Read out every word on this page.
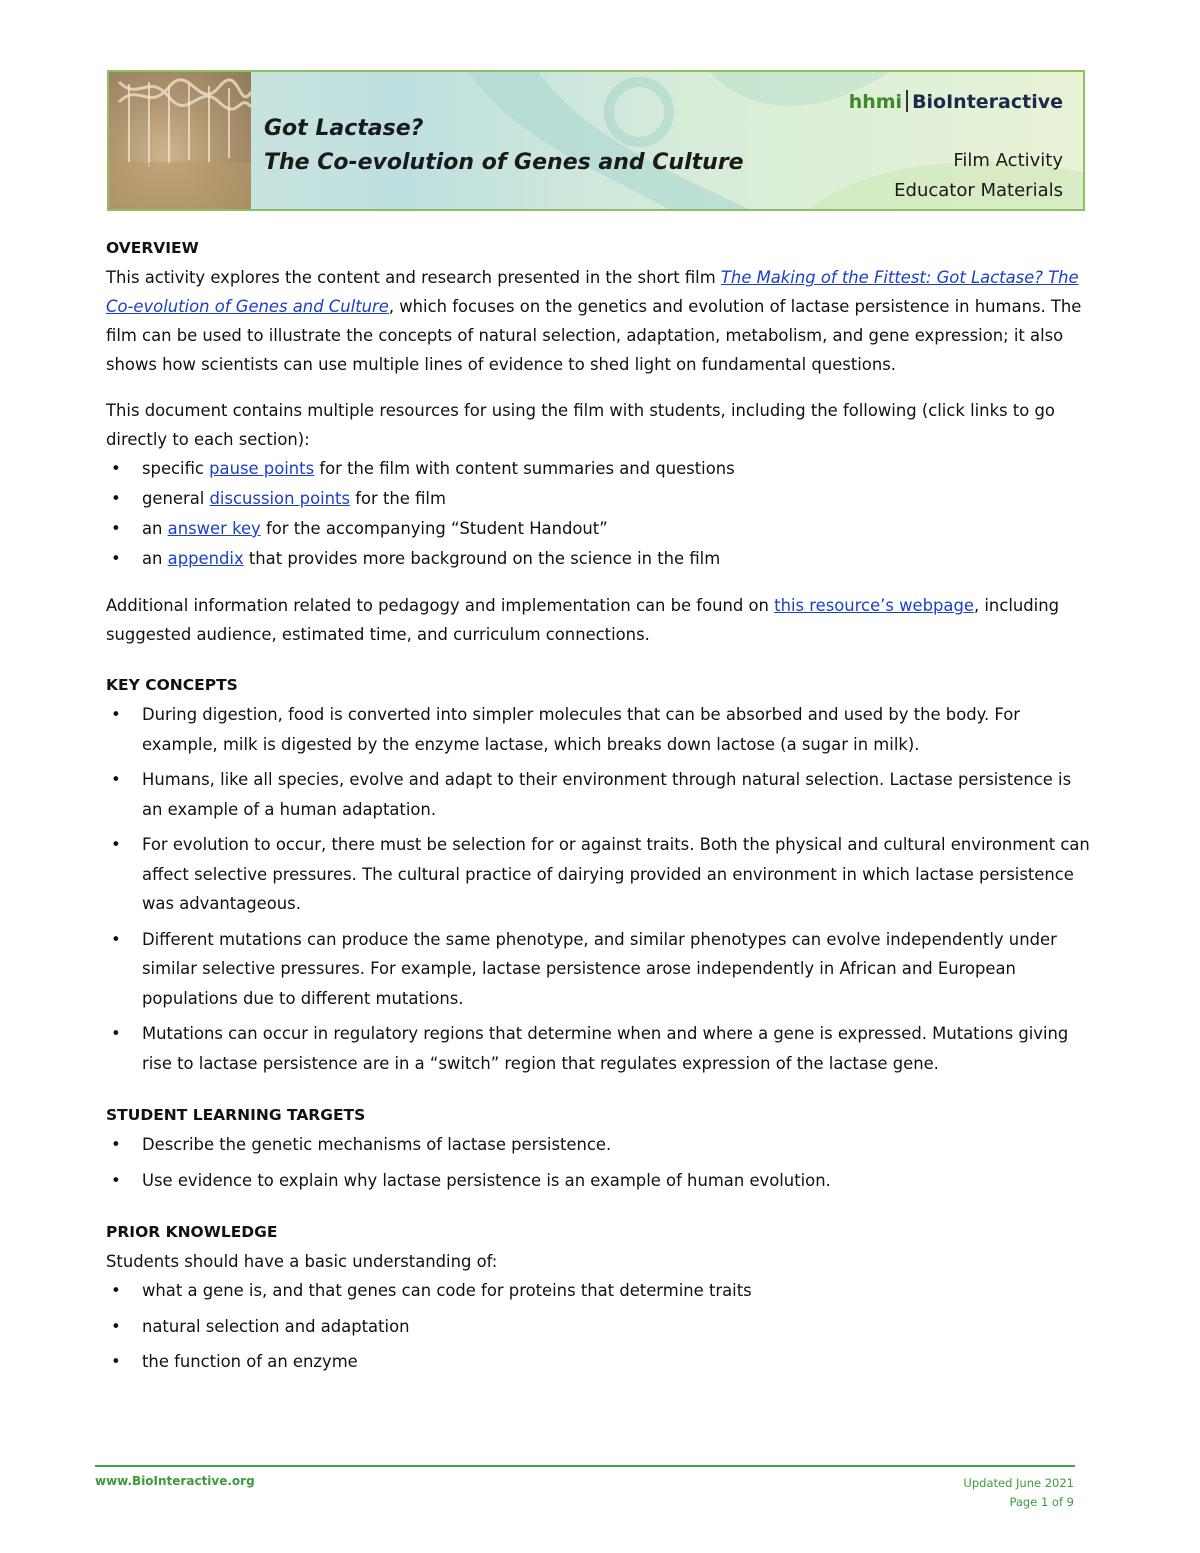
Got Lactase?
The Co-evolution of Genes and Culture
hhmi BioInteractive
Film Activity
Educator Materials
OVERVIEW

This activity explores the content and research presented in the short film The Making of the Fittest: Got Lactase? The Co-evolution of Genes and Culture, which focuses on the genetics and evolution of lactase persistence in humans. The film can be used to illustrate the concepts of natural selection, adaptation, metabolism, and gene expression; it also shows how scientists can use multiple lines of evidence to shed light on fundamental questions.

This document contains multiple resources for using the film with students, including the following (click links to go directly to each section):

• specific pause points for the film with content summaries and questions
• general discussion points for the film
• an answer key for the accompanying “Student Handout”
• an appendix that provides more background on the science in the film

Additional information related to pedagogy and implementation can be found on this resource’s webpage, including suggested audience, estimated time, and curriculum connections.

KEY CONCEPTS
• During digestion, food is converted into simpler molecules that can be absorbed and used by the body. For example, milk is digested by the enzyme lactase, which breaks down lactose (a sugar in milk).
• Humans, like all species, evolve and adapt to their environment through natural selection. Lactase persistence is an example of a human adaptation.
• For evolution to occur, there must be selection for or against traits. Both the physical and cultural environment can affect selective pressures. The cultural practice of dairying provided an environment in which lactase persistence was advantageous.
• Different mutations can produce the same phenotype, and similar phenotypes can evolve independently under similar selective pressures. For example, lactase persistence arose independently in African and European populations due to different mutations.
• Mutations can occur in regulatory regions that determine when and where a gene is expressed. Mutations giving rise to lactase persistence are in a “switch” region that regulates expression of the lactase gene.
STUDENT LEARNING TARGETS
• Describe the genetic mechanisms of lactase persistence.
• Use evidence to explain why lactase persistence is an example of human evolution.
PRIOR KNOWLEDGE

Students should have a basic understanding of:

• what a gene is, and that genes can code for proteins that determine traits
• natural selection and adaptation
• the function of an enzyme
www.BioInteractive.org	Updated June 2021
Page 1 of 9
